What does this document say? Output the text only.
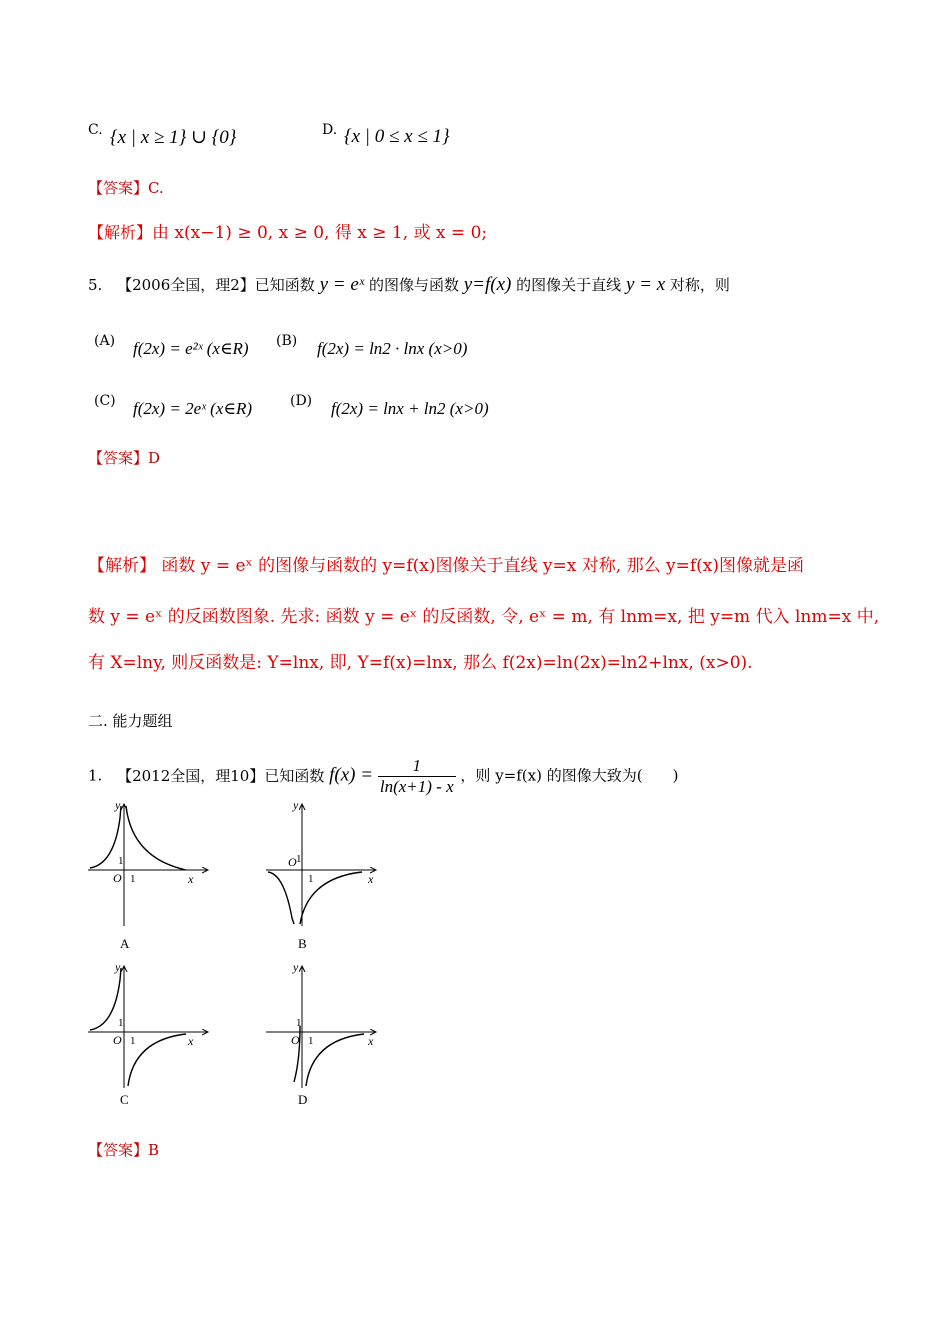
C. {x | x ≥ 1} ∪ {0}	D. {x | 0 ≤ x ≤ 1}
【答案】C.
【解析】由 x(x−1) ≥ 0, x ≥ 0, 得 x ≥ 1, 或 x = 0;
5. 【2006全国，理2】已知函数 y = eˣ 的图像与函数 y=f(x) 的图像关于直线 y = x 对称，则
(A) f(2x) = e²ˣ (x∈R) (B) f(2x) = ln2 · lnx (x>0)
(C) f(2x) = 2eˣ (x∈R)	(D) f(2x) = lnx + ln2 (x>0)
【答案】D
【解析】 函数 y = eˣ 的图像与函数的 y=f(x)图像关于直线 y=x 对称, 那么 y=f(x)图像就是函
数 y = eˣ 的反函数图象. 先求: 函数 y = eˣ 的反函数, 令, eˣ = m, 有 lnm=x, 把 y=m 代入 lnm=x 中,
有 X=lny, 则反函数是: Y=lnx, 即, Y=f(x)=lnx, 那么 f(2x)=ln(2x)=ln2+lnx, (x>0).
二. 能力题组
1. 【2012全国，理10】已知函数 $f(x) = \frac{1}{\ln(x+1) - x}$ ，则 y=f(x) 的图像大致为(　　)
y
x
O 1
1
A
y
x
O
1
1
B
y
x
O 1
1
C
y
x
O 1
1
D
【答案】B
